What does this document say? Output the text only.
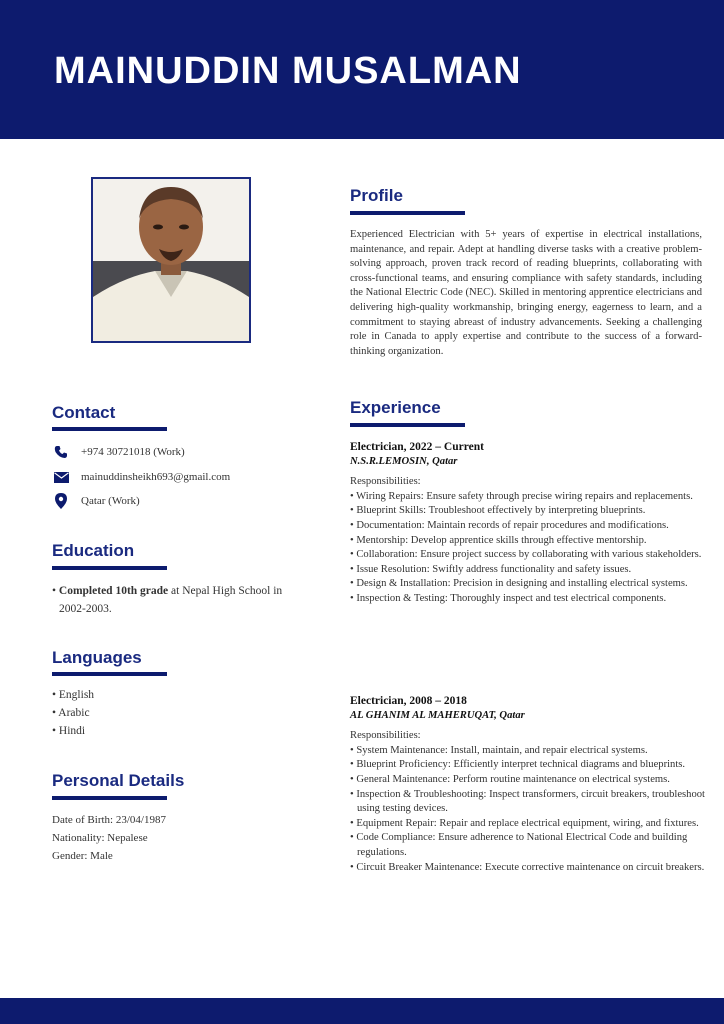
MAINUDDIN MUSALMAN
Contact
+974 30721018 (Work)
mainuddinsheikh693@gmail.com
Qatar (Work)
Education
• Completed 10th grade at Nepal High School in 2002-2003.
Languages
• English
• Arabic
• Hindi
Personal Details
Date of Birth: 23/04/1987
Nationality: Nepalese
Gender: Male
Profile

Experienced Electrician with 5+ years of expertise in electrical installations, maintenance, and repair. Adept at handling diverse tasks with a creative problem-solving approach, proven track record of reading blueprints, collaborating with cross-functional teams, and ensuring compliance with safety standards, including the National Electric Code (NEC). Skilled in mentoring apprentice electricians and delivering high-quality workmanship, bringing energy, eagerness to learn, and a commitment to staying abreast of industry advancements. Seeking a challenging role in Canada to apply expertise and contribute to the success of a forward-thinking organization.

Experience
Electrician, 2022 – Current
N.S.R.LEMOSIN, Qatar
Responsibilities:
• Wiring Repairs: Ensure safety through precise wiring repairs and replacements.
• Blueprint Skills: Troubleshoot effectively by interpreting blueprints.
• Documentation: Maintain records of repair procedures and modifications.
• Mentorship: Develop apprentice skills through effective mentorship.
• Collaboration: Ensure project success by collaborating with various stakeholders.
• Issue Resolution: Swiftly address functionality and safety issues.
• Design & Installation: Precision in designing and installing electrical systems.
• Inspection & Testing: Thoroughly inspect and test electrical components.
Electrician, 2008 – 2018
AL GHANIM AL MAHERUQAT, Qatar
Responsibilities:
• System Maintenance: Install, maintain, and repair electrical systems.
• Blueprint Proficiency: Efficiently interpret technical diagrams and blueprints.
• General Maintenance: Perform routine maintenance on electrical systems.
• Inspection & Troubleshooting: Inspect transformers, circuit breakers, troubleshoot using testing devices.
• Equipment Repair: Repair and replace electrical equipment, wiring, and fixtures.
• Code Compliance: Ensure adherence to National Electrical Code and building regulations.
• Circuit Breaker Maintenance: Execute corrective maintenance on circuit breakers.
